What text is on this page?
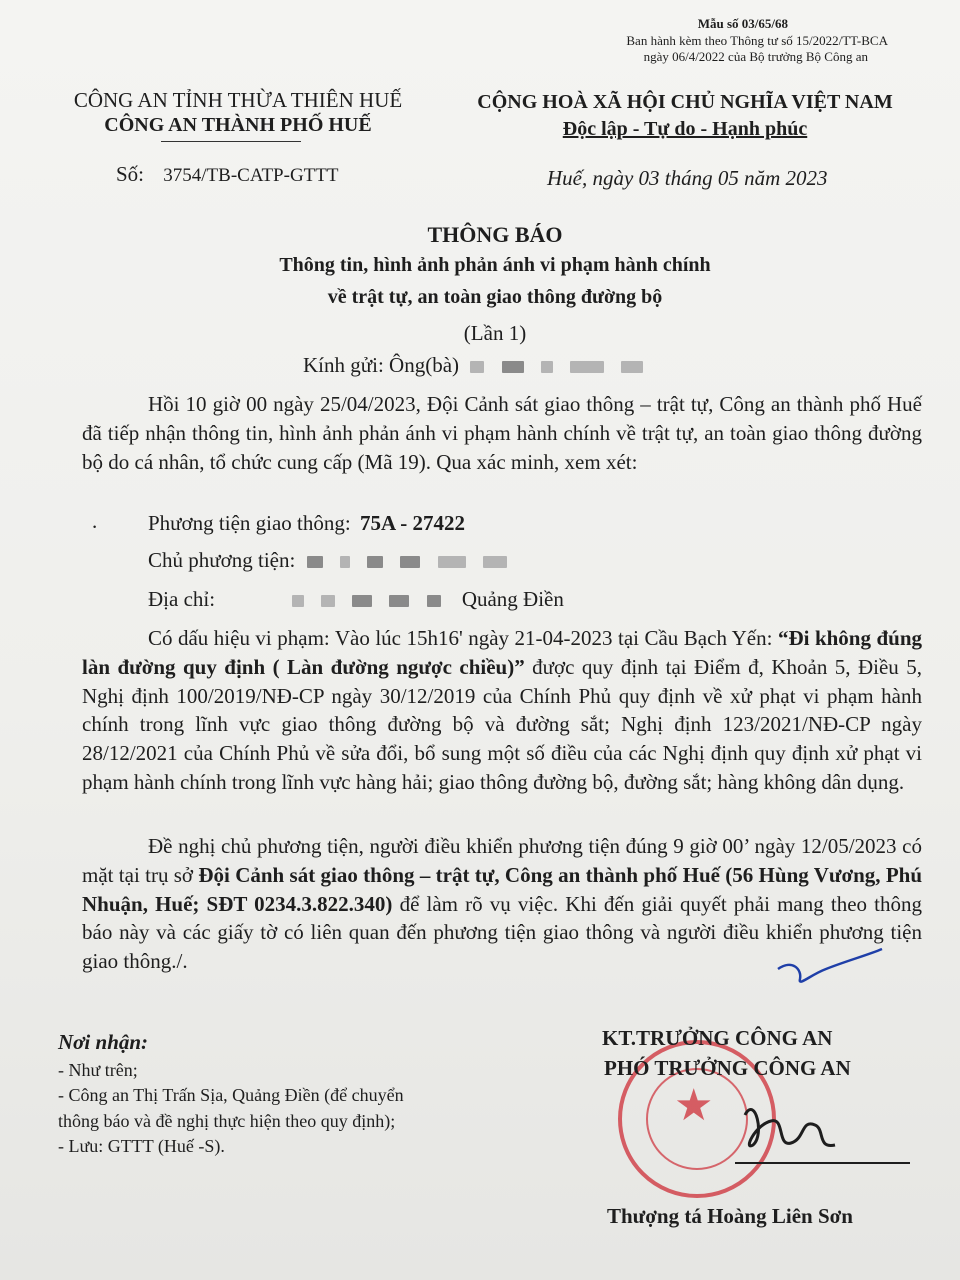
Mẫu số 03/65/68
Ban hành kèm theo Thông tư số 15/2022/TT-BCA
ngày 06/4/2022 của Bộ trưởng Bộ Công an
CÔNG AN TỈNH THỪA THIÊN HUẾ
CÔNG AN THÀNH PHỐ HUẾ
Số: 3754/TB-CATP-GTTT
CỘNG HOÀ XÃ HỘI CHỦ NGHĨA VIỆT NAM
Độc lập - Tự do - Hạnh phúc
Huế, ngày 03 tháng 05 năm 2023
THÔNG BÁO
Thông tin, hình ảnh phản ánh vi phạm hành chính
về trật tự, an toàn giao thông đường bộ
(Lần 1)
Kính gửi: Ông(bà)
Hồi 10 giờ 00 ngày 25/04/2023, Đội Cảnh sát giao thông – trật tự, Công an thành phố Huế đã tiếp nhận thông tin, hình ảnh phản ánh vi phạm hành chính về trật tự, an toàn giao thông đường bộ do cá nhân, tổ chức cung cấp (Mã 19). Qua xác minh, xem xét:
. Phương tiện giao thông: 75A - 27422
Chủ phương tiện:
Địa chỉ:	Quảng Điền
Có dấu hiệu vi phạm: Vào lúc 15h16' ngày 21-04-2023 tại Cầu Bạch Yến: “Đi không đúng làn đường quy định ( Làn đường ngược chiều)” được quy định tại Điểm đ, Khoản 5, Điều 5, Nghị định 100/2019/NĐ-CP ngày 30/12/2019 của Chính Phủ quy định về xử phạt vi phạm hành chính trong lĩnh vực giao thông đường bộ và đường sắt; Nghị định 123/2021/NĐ-CP ngày 28/12/2021 của Chính Phủ về sửa đổi, bổ sung một số điều của các Nghị định quy định xử phạt vi phạm hành chính trong lĩnh vực hàng hải; giao thông đường bộ, đường sắt; hàng không dân dụng.
Đề nghị chủ phương tiện, người điều khiển phương tiện đúng 9 giờ 00’ ngày 12/05/2023 có mặt tại trụ sở Đội Cảnh sát giao thông – trật tự, Công an thành phố Huế (56 Hùng Vương, Phú Nhuận, Huế; SĐT 0234.3.822.340) để làm rõ vụ việc. Khi đến giải quyết phải mang theo thông báo này và các giấy tờ có liên quan đến phương tiện giao thông và người điều khiển phương tiện giao thông./.
Nơi nhận:
- Như trên;
- Công an Thị Trấn Sịa, Quảng Điền (để chuyển
thông báo và đề nghị thực hiện theo quy định);
- Lưu: GTTT (Huế -S).
★
KT.TRƯỞNG CÔNG AN
PHÓ TRƯỞNG CÔNG AN
Thượng tá Hoàng Liên Sơn
